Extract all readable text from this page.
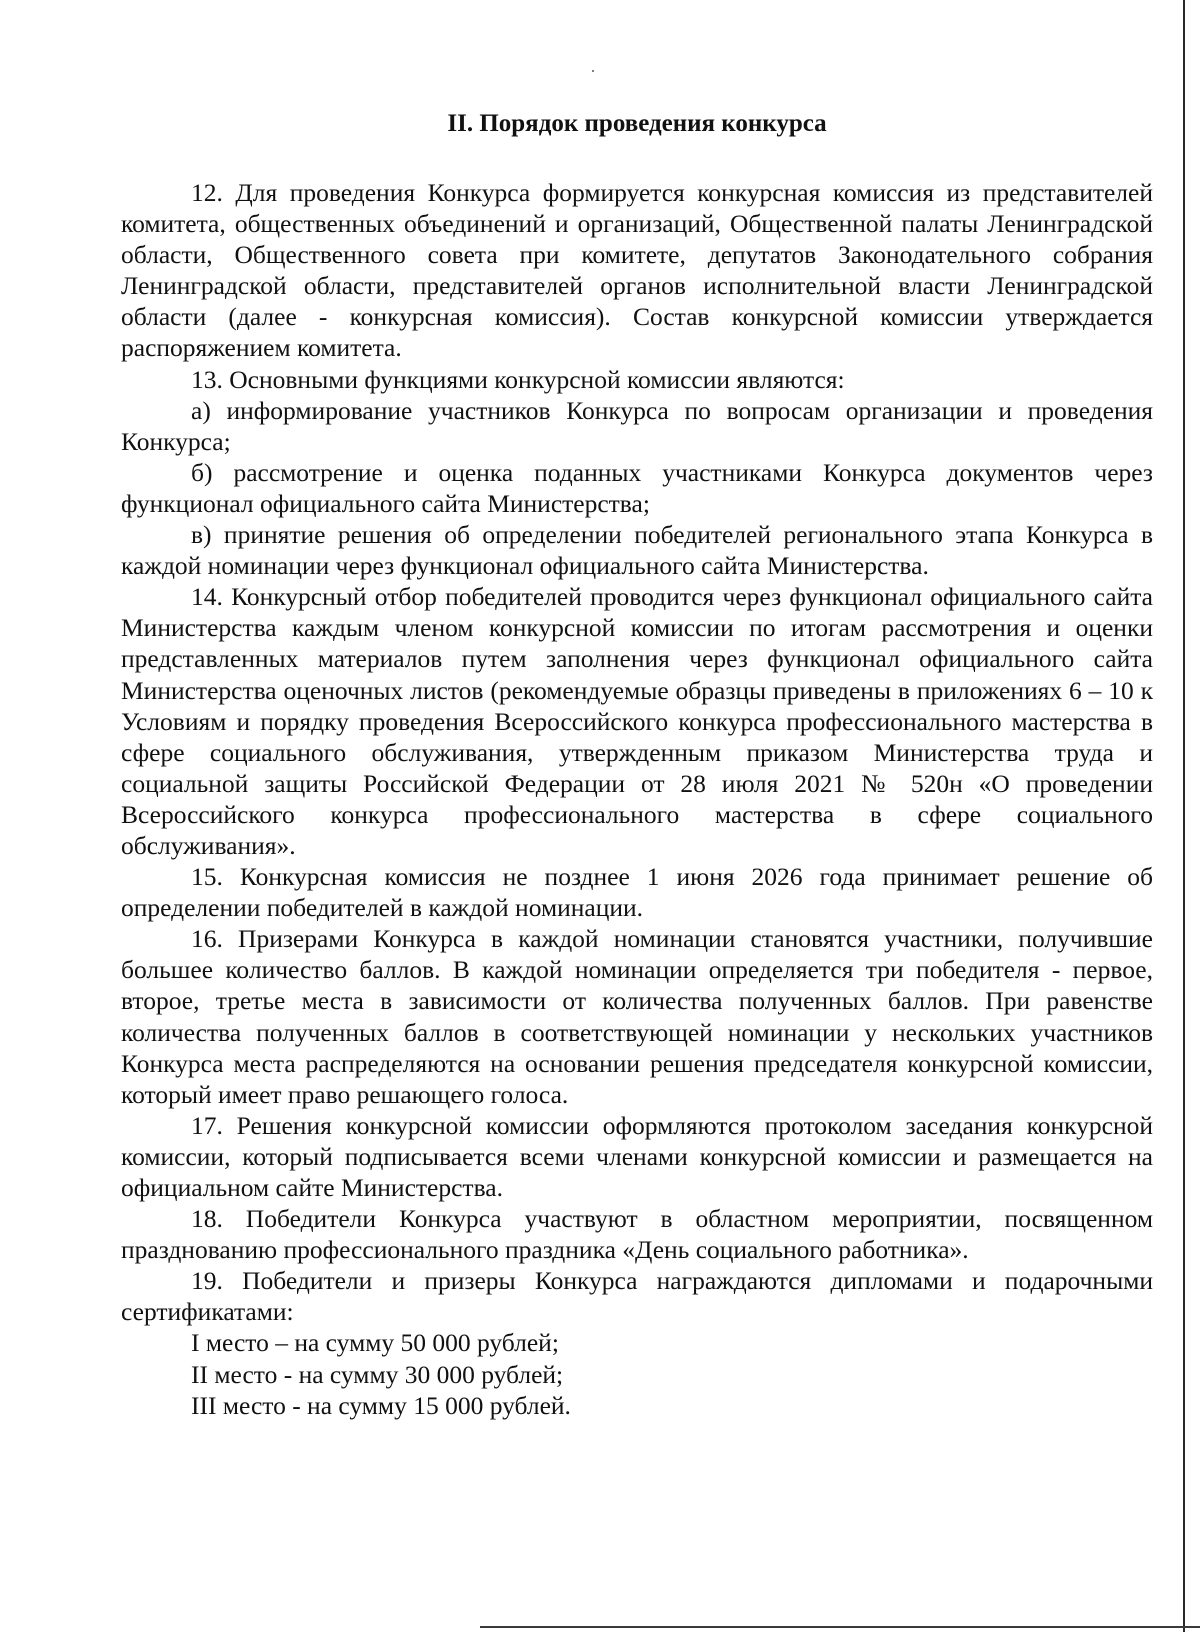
II. Порядок проведения конкурса

12. Для проведения Конкурса формируется конкурсная комиссия из представителей комитета, общественных объединений и организаций, Общественной палаты Ленинградской области, Общественного совета при комитете, депутатов Законодательного собрания Ленинградской области, представителей органов исполнительной власти Ленинградской области (далее - конкурсная комиссия). Состав конкурсной комиссии утверждается распоряжением комитета.

13. Основными функциями конкурсной комиссии являются:

а) информирование участников Конкурса по вопросам организации и проведения Конкурса;

б) рассмотрение и оценка поданных участниками Конкурса документов через функционал официального сайта Министерства;

в) принятие решения об определении победителей регионального этапа Конкурса в каждой номинации через функционал официального сайта Министерства.

14. Конкурсный отбор победителей проводится через функционал официального сайта Министерства каждым членом конкурсной комиссии по итогам рассмотрения и оценки представленных материалов путем заполнения через функционал официального сайта Министерства оценочных листов (рекомендуемые образцы приведены в приложениях 6 – 10 к Условиям и порядку проведения Всероссийского конкурса профессионального мастерства в сфере социального обслуживания, утвержденным приказом Министерства труда и социальной защиты Российской Федерации от 28 июля 2021 № 520н «О проведении Всероссийского конкурса профессионального мастерства в сфере социального обслуживания».

15. Конкурсная комиссия не позднее 1 июня 2026 года принимает решение об определении победителей в каждой номинации.

16. Призерами Конкурса в каждой номинации становятся участники, получившие большее количество баллов. В каждой номинации определяется три победителя - первое, второе, третье места в зависимости от количества полученных баллов. При равенстве количества полученных баллов в соответствующей номинации у нескольких участников Конкурса места распределяются на основании решения председателя конкурсной комиссии, который имеет право решающего голоса.

17. Решения конкурсной комиссии оформляются протоколом заседания конкурсной комиссии, который подписывается всеми членами конкурсной комиссии и размещается на официальном сайте Министерства.

18. Победители Конкурса участвуют в областном мероприятии, посвященном празднованию профессионального праздника «День социального работника».

19. Победители и призеры Конкурса награждаются дипломами и подарочными сертификатами:

I место – на сумму 50 000 рублей;

II место - на сумму 30 000 рублей;

III место - на сумму 15 000 рублей.
